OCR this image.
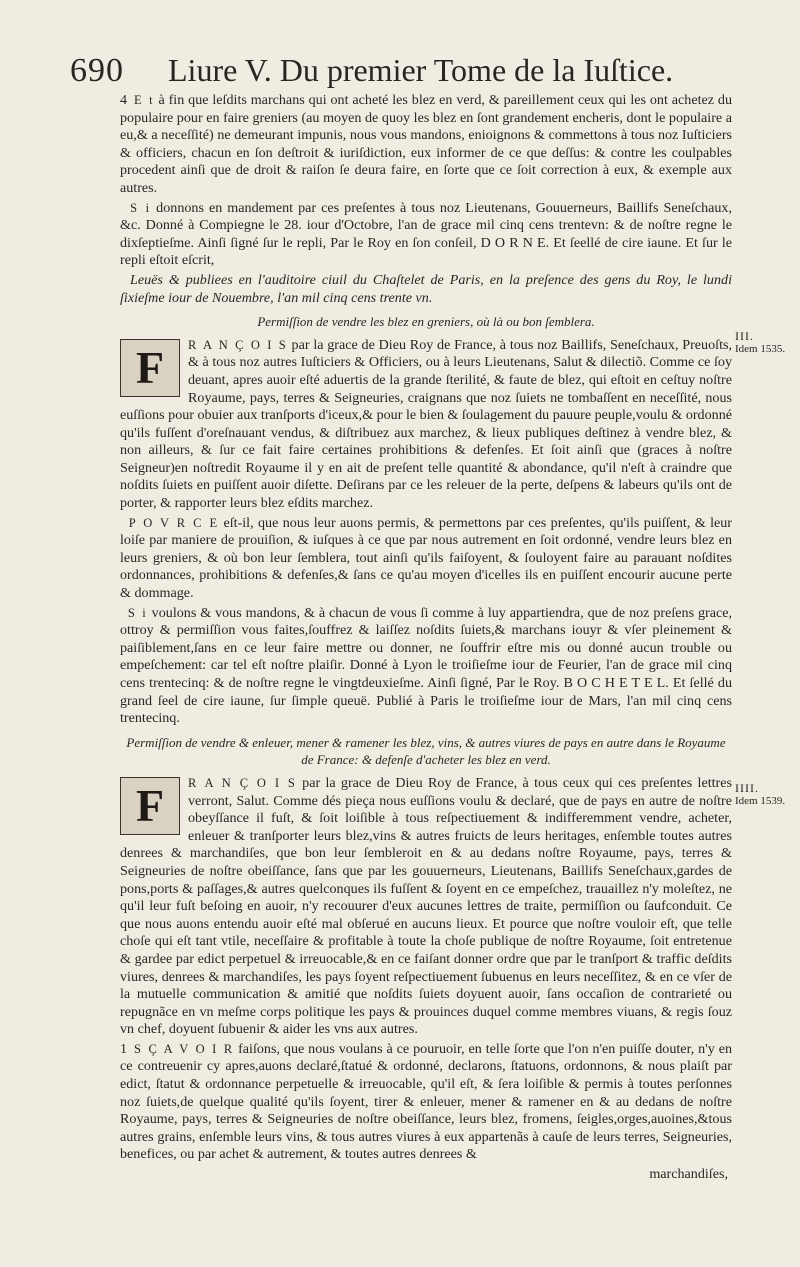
690 Liure V. Du premier Tome de la Iuſtice.

4 E t à fin que leſdits marchans qui ont acheté les blez en verd, & pareillement ceux qui les ont achetez du populaire pour en faire greniers (au moyen de quoy les blez en ſont grandement encheris, dont le populaire a eu,& a neceſſité) ne demeurant impunis, nous vous mandons, enioignons & commettons à tous noz Iuſticiers & officiers, chacun en ſon deſtroit & iuriſdiction, eux informer de ce que deſſus: & contre les coulpables procedent ainſi que de droit & raiſon ſe deura faire, en ſorte que ce ſoit correction à eux, & exemple aux autres.

S i donnons en mandement par ces preſentes à tous noz Lieutenans, Gouuerneurs, Baillifs Seneſchaux, &c. Donné à Compiegne le 28. iour d'Octobre, l'an de grace mil cinq cens trentevn: & de noſtre regne le dixſeptieſme. Ainſi ſigné ſur le repli, Par le Roy en ſon conſeil, D O R N E. Et ſeellé de cire iaune. Et ſur le repli eſtoit eſcrit,

Leuës & publiees en l'auditoire ciuil du Chaſtelet de Paris, en la preſence des gens du Roy, le lundi ſixieſme iour de Nouembre, l'an mil cinq cens trente vn.

Permiſſion de vendre les blez en greniers, où là ou bon ſemblera.
F	R A N Ç O I S par la grace de Dieu Roy de France, à tous noz Baillifs, Seneſchaux, Preuoſts, & à tous noz autres Iuſticiers & Officiers, ou à leurs Lieutenans, Salut & dilectiõ. Comme ce ſoy deuant, apres auoir eſté aduertis de la grande ſterilité, & faute de blez, qui eſtoit en ceſtuy noſtre Royaume, pays, terres & Seigneuries, craignans que noz ſuiets ne tombaſſent en neceſſité, nous euſſions pour obuier aux tranſports d'iceux,& pour le bien & ſoulagement du pauure peuple,voulu & ordonné qu'ils fuſſent d'oreſnauant vendus, & diſtribuez aux marchez, & lieux publiques deſtinez à vendre blez, & non ailleurs, & ſur ce fait faire certaines prohibitions & defenſes. Et ſoit ainſi que (graces à noſtre Seigneur)en noſtredit Royaume il y en ait de preſent telle quantité & abondance, qu'il n'eſt à craindre que noſdits ſuiets en puiſſent auoir diſette. Deſirans par ce les releuer de la perte, deſpens & labeurs qu'ils ont de porter, & rapporter leurs blez eſdits marchez.

P O V R C E eſt-il, que nous leur auons permis, & permettons par ces preſentes, qu'ils puiſſent, & leur loiſe par maniere de prouiſion, & iuſques à ce que par nous autrement en ſoit ordonné, vendre leurs blez en leurs greniers, & où bon leur ſemblera, tout ainſi qu'ils faiſoyent, & ſouloyent faire au parauant noſdites ordonnances, prohibitions & defenſes,& ſans ce qu'au moyen d'icelles ils en puiſſent encourir aucune perte & dommage.

S i voulons & vous mandons, & à chacun de vous ſi comme à luy appartiendra, que de noz preſens grace, ottroy & permiſſion vous faites,ſouffrez & laiſſez noſdits ſuiets,& marchans iouyr & vſer pleinement & paiſiblement,ſans en ce leur faire mettre ou donner, ne ſouffrir eſtre mis ou donné aucun trouble ou empeſchement: car tel eſt noſtre plaiſir. Donné à Lyon le troiſieſme iour de Feurier, l'an de grace mil cinq cens trentecinq: & de noſtre regne le vingtdeuxieſme. Ainſi ſigné, Par le Roy. B O C H E T E L. Et ſellé du grand ſeel de cire iaune, ſur ſimple queuë. Publié à Paris le troiſieſme iour de Mars, l'an mil cinq cens trentecinq.

Permiſſion de vendre & enleuer, mener & ramener les blez, vins, & autres viures de pays en autre dans le Royaume de France: & defenſe d'acheter les blez en verd.
F	R A N Ç O I S par la grace de Dieu Roy de France, à tous ceux qui ces preſentes lettres verront, Salut. Comme dés pieça nous euſſions voulu & declaré, que de pays en autre de noſtre obeyſſance il fuſt, & ſoit loiſible à tous reſpectiuement & indifferemment vendre, acheter, enleuer & tranſporter leurs blez,vins & autres fruicts de leurs heritages, enſemble toutes autres denrees & marchandiſes, que bon leur ſembleroit en & au dedans noſtre Royaume, pays, terres & Seigneuries de noſtre obeiſſance, ſans que par les gouuerneurs, Lieutenans, Baillifs Seneſchaux,gardes de pons,ports & paſſages,& autres quelconques ils fuſſent & ſoyent en ce empeſchez, trauaillez n'y moleſtez, ne qu'il leur fuſt beſoing en auoir, n'y recouurer d'eux aucunes lettres de traite, permiſſion ou ſaufconduit. Ce que nous auons entendu auoir eſté mal obſerué en aucuns lieux. Et pource que noſtre vouloir eſt, que telle choſe qui eſt tant vtile, neceſſaire & profitable à toute la choſe publique de noſtre Royaume, ſoit entretenue & gardee par edict perpetuel & irreuocable,& en ce faiſant donner ordre que par le tranſport & traffic deſdits viures, denrees & marchandiſes, les pays ſoyent reſpectiuement ſubuenus en leurs neceſſitez, & en ce vſer de la mutuelle communication & amitié que noſdits ſuiets doyuent auoir, ſans occaſion de contrarieté ou repugnãce en vn meſme corps politique les pays & prouinces duquel comme membres viuans, & regis ſouz vn chef, doyuent ſubuenir & aider les vns aux autres.

1 S Ç A V O I R faiſons, que nous voulans à ce pouruoir, en telle ſorte que l'on n'en puiſſe douter, n'y en ce contreuenir cy apres,auons declaré,ſtatué & ordonné, declarons, ſtatuons, ordonnons, & nous plaiſt par edict, ſtatut & ordonnance perpetuelle & irreuocable, qu'il eſt, & ſera loiſible & permis à toutes perſonnes noz ſuiets,de quelque qualité qu'ils ſoyent, tirer & enleuer, mener & ramener en & au dedans de noſtre Royaume, pays, terres & Seigneuries de noſtre obeiſſance, leurs blez, fromens, ſeigles,orges,auoines,&tous autres grains, enſemble leurs vins, & tous autres viures à eux appartenãs à cauſe de leurs terres, Seigneuries, benefices, ou par achet & autrement, & toutes autres denrees &

marchandiſes,

III.
Idem 1535.
IIII.
Idem 1539.
